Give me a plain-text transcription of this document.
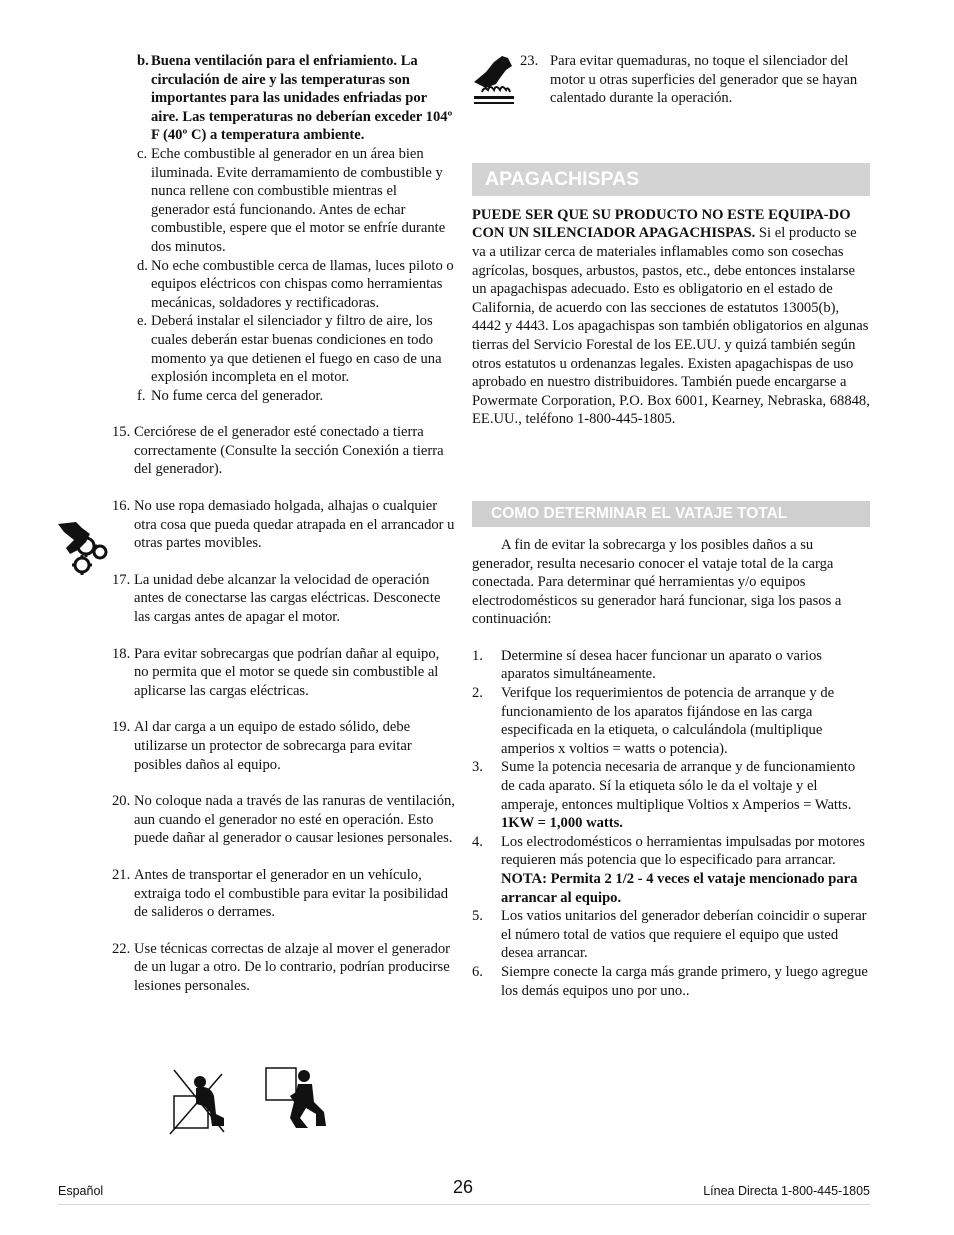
b. Buena ventilación para el enfriamiento. La circulación de aire y las temperaturas son importantes para las unidades enfriadas por aire. Las temperaturas no deberían exceder 104º F (40º C) a temperatura ambiente.
c. Eche combustible al generador en un área bien iluminada. Evite derramamiento de combustible y nunca rellene con combustible mientras el generador está funcionando. Antes de echar combustible, espere que el motor se enfríe durante dos minutos.
d. No eche combustible cerca de llamas, luces piloto o equipos eléctricos con chispas como herramientas mecánicas, soldadores y rectificadoras.
e. Deberá instalar el silenciador y filtro de aire, los cuales deberán estar buenas condiciones en todo momento ya que detienen el fuego en caso de una explosión incompleta en el motor.
f. No fume cerca del generador.
15. Cerciórese de el generador esté conectado a tierra correctamente (Consulte la sección Conexión a tierra del generador).
16. No use ropa demasiado holgada, alhajas o cualquier otra cosa que pueda quedar atrapada en el arrancador u otras partes movibles.
17. La unidad debe alcanzar la velocidad de operación antes de conectarse las cargas eléctricas. Desconecte las cargas antes de apagar el motor.
18. Para evitar sobrecargas que podrían dañar al equipo, no permita que el motor se quede sin combustible al aplicarse las cargas eléctricas.
19. Al dar carga a un equipo de estado sólido, debe utilizarse un protector de sobrecarga para evitar posibles daños al equipo.
20. No coloque nada a través de las ranuras de ventilación, aun cuando el generador no esté en operación. Esto puede dañar al generador o causar lesiones personales.
21. Antes de transportar el generador en un vehículo, extraiga todo el combustible para evitar la posibilidad de salideros o derrames.
22. Use técnicas correctas de alzaje al mover el generador de un lugar a otro. De lo contrario, podrían producirse lesiones personales.
23. Para evitar quemaduras, no toque el silenciador del motor u otras superficies del generador que se hayan calentado durante la operación.
APAGACHISPAS

PUEDE SER QUE SU PRODUCTO NO ESTE EQUIPA-DO CON UN SILENCIADOR APAGACHISPAS. Si el producto se va a utilizar cerca de materiales inflamables como son cosechas agrícolas, bosques, arbustos, pastos, etc., debe entonces instalarse un apagachispas adecuado. Esto es obligatorio en el estado de California, de acuerdo con las secciones de estatutos 13005(b), 4442 y 4443. Los apagachispas son también obligatorios en algunas tierras del Servicio Forestal de los EE.UU. y quizá también según otros estatutos u ordenanzas legales. Existen apagachispas de uso aprobado en nuestro distribuidores. También puede encargarse a Powermate Corporation, P.O. Box 6001, Kearney, Nebraska, 68848, EE.UU., teléfono 1-800-445-1805.

COMO DETERMINAR EL VATAJE TOTAL

A fin de evitar la sobrecarga y los posibles daños a su generador, resulta necesario conocer el vataje total de la carga conectada. Para determinar qué herramientas y/o equipos electrodomésticos su generador hará funcionar, siga los pasos a continuación:

1.	Determine sí desea hacer funcionar un aparato o varios aparatos simultáneamente.
2.	Verifque los requerimientos de potencia de arranque y de funcionamiento de los aparatos fijándose en las carga especificada en la etiqueta, o calculándola (multiplique amperios x voltios = watts o potencia).
3.	Sume la potencia necesaria de arranque y de funcionamiento de cada aparato. Sí la etiqueta sólo le da el voltaje y el amperaje, entonces multiplique Voltios x Amperios = Watts. 1KW = 1,000 watts.
4.	Los electrodomésticos o herramientas impulsadas por motores requieren más potencia que lo especificado para arrancar.
NOTA: Permita 2 1/2 - 4 veces el vataje mencionado para arrancar al equipo.
5.	Los vatios unitarios del generador deberían coincidir o superar el número total de vatios que requiere el equipo que usted desea arrancar.
6.	Siempre conecte la carga más grande primero, y luego agregue los demás equipos uno por uno..
Español	26	Línea Directa 1-800-445-1805
